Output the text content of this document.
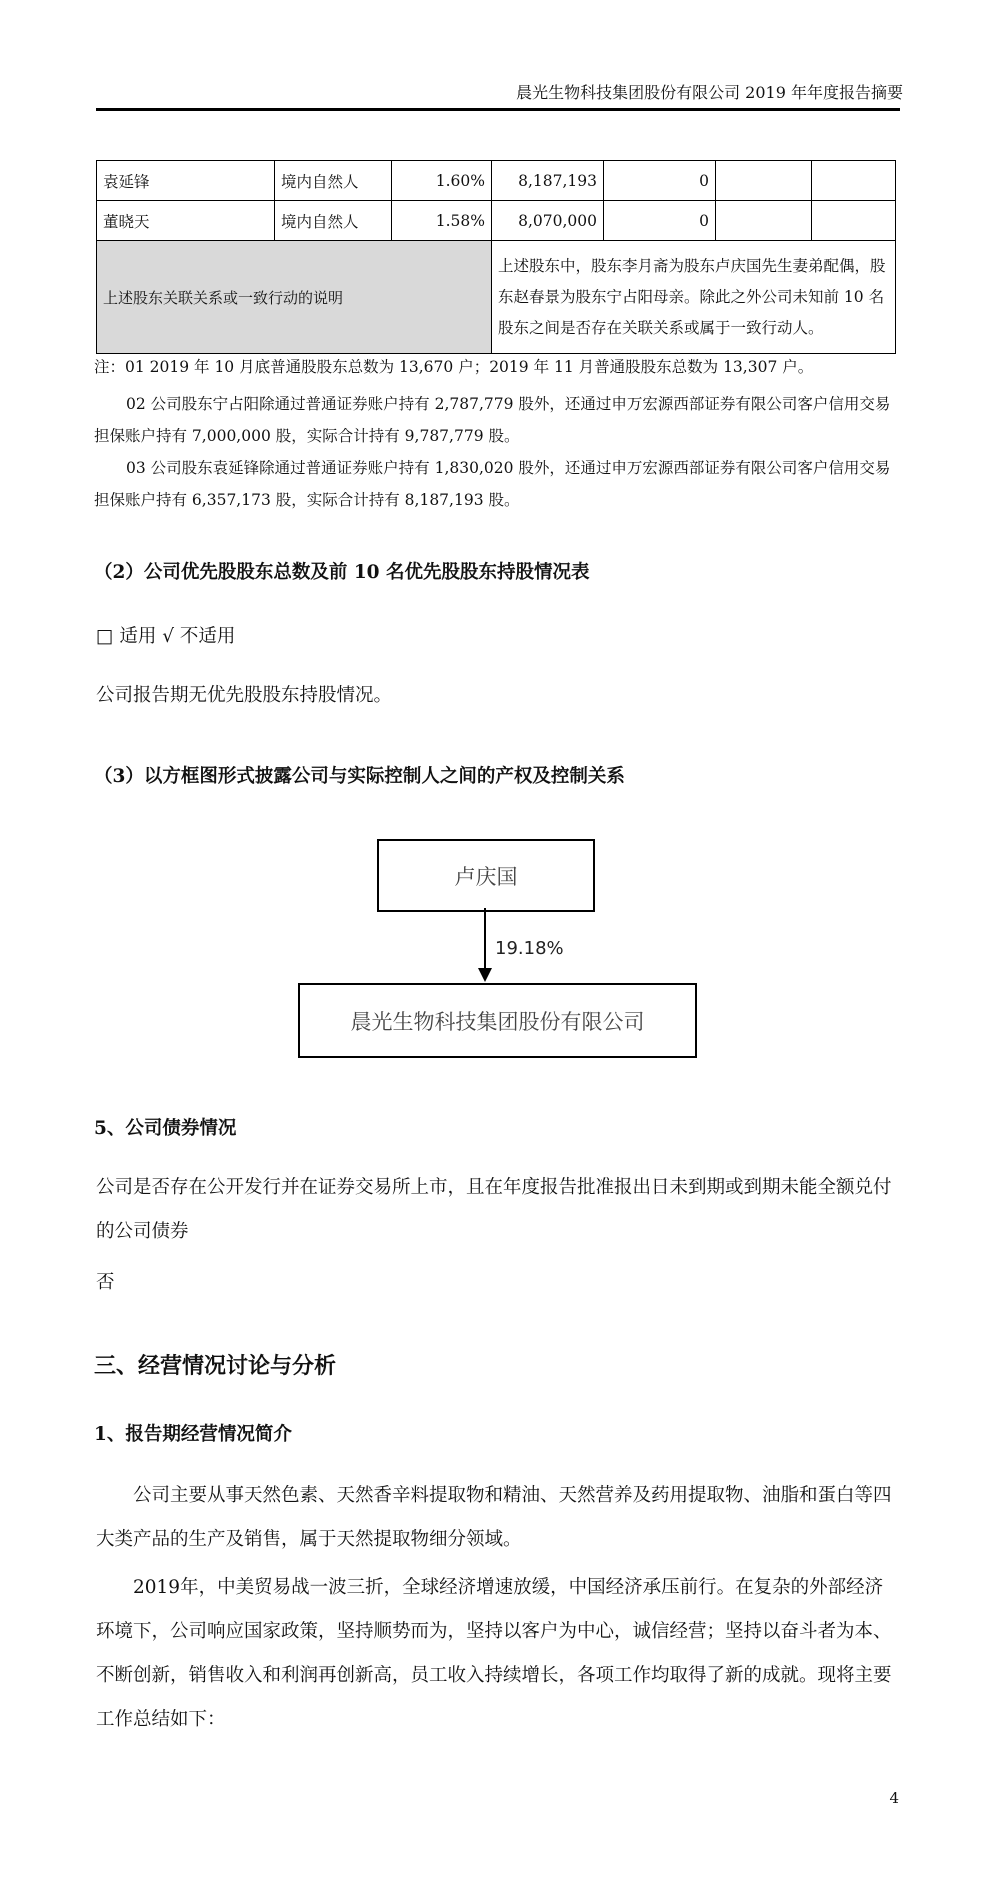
晨光生物科技集团股份有限公司 2019 年年度报告摘要
袁延锋	境内自然人	1.60%	8,187,193	0		
董晓天	境内自然人	1.58%	8,070,000	0		
上述股东关联关系或一致行动的说明			上述股东中，股东李月斋为股东卢庆国先生妻弟配偶，股东赵春景为股东宁占阳母亲。除此之外公司未知前 10 名股东之间是否存在关联关系或属于一致行动人。			
注：01 2019 年 10 月底普通股股东总数为 13,670 户；2019 年 11 月普通股股东总数为 13,307 户。
02 公司股东宁占阳除通过普通证券账户持有 2,787,779 股外，还通过申万宏源西部证券有限公司客户信用交易担保账户持有 7,000,000 股，实际合计持有 9,787,779 股。
03 公司股东袁延锋除通过普通证券账户持有 1,830,020 股外，还通过申万宏源西部证券有限公司客户信用交易担保账户持有 6,357,173 股，实际合计持有 8,187,193 股。
（2）公司优先股股东总数及前 10 名优先股股东持股情况表
□ 适用 √ 不适用
公司报告期无优先股股东持股情况。
（3）以方框图形式披露公司与实际控制人之间的产权及控制关系
卢庆国
19.18%
晨光生物科技集团股份有限公司
5、公司债券情况
公司是否存在公开发行并在证券交易所上市，且在年度报告批准报出日未到期或到期未能全额兑付的公司债券
否
三、经营情况讨论与分析
1、报告期经营情况简介
公司主要从事天然色素、天然香辛料提取物和精油、天然营养及药用提取物、油脂和蛋白等四大类产品的生产及销售，属于天然提取物细分领域。
2019年，中美贸易战一波三折，全球经济增速放缓，中国经济承压前行。在复杂的外部经济环境下，公司响应国家政策，坚持顺势而为，坚持以客户为中心，诚信经营；坚持以奋斗者为本、不断创新，销售收入和利润再创新高，员工收入持续增长，各项工作均取得了新的成就。现将主要工作总结如下：
4
